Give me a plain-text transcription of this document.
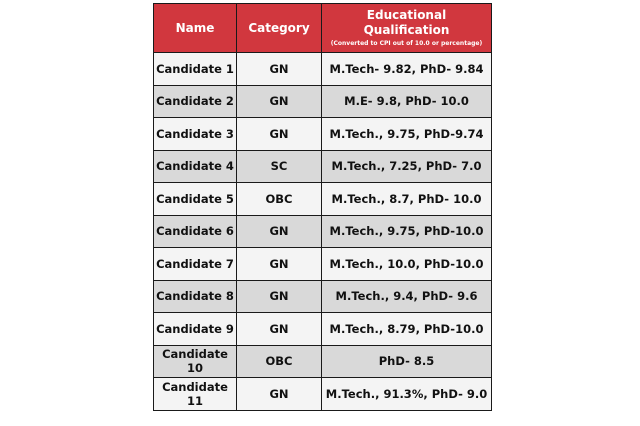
Name	Category	Educational Qualification
(Converted to CPI out of 10.0 or percentage)

Candidate 1	GN	M.Tech- 9.82, PhD- 9.84
Candidate 2	GN	M.E- 9.8, PhD- 10.0
Candidate 3	GN	M.Tech., 9.75, PhD-9.74
Candidate 4	SC	M.Tech., 7.25, PhD- 7.0
Candidate 5	OBC	M.Tech., 8.7, PhD- 10.0
Candidate 6	GN	M.Tech., 9.75, PhD-10.0
Candidate 7	GN	M.Tech., 10.0, PhD-10.0
Candidate 8	GN	M.Tech., 9.4, PhD- 9.6
Candidate 9	GN	M.Tech., 8.79, PhD-10.0
Candidate 10	OBC	PhD- 8.5
Candidate 11	GN	M.Tech., 91.3%, PhD- 9.0
